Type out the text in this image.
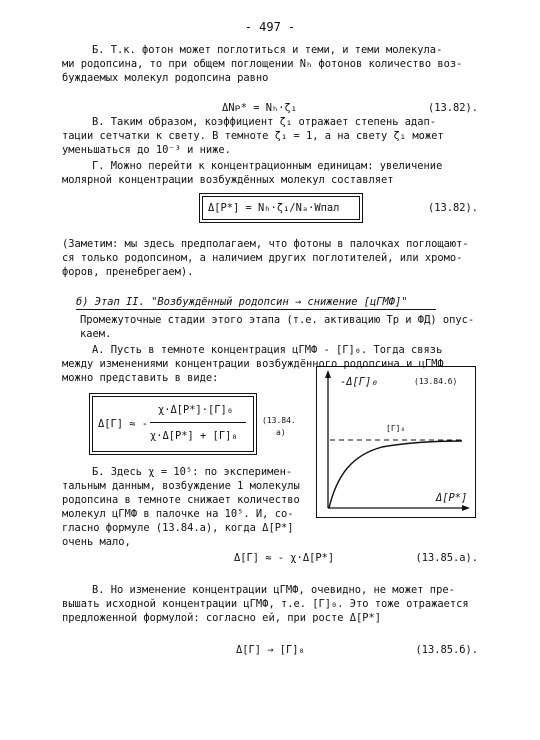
- 497 -
Б. Т.к. фотон может поглотиться и теми, и теми молекула-
ми родопсина, то при общем поглощении Nₕ фотонов количество воз-
буждаемых молекул родопсина равно
ΔNᴘ* = Nₕ·ζ₁	(13.82).
В. Таким образом, коэффициент ζ₁ отражает степень адап-
тации сетчатки к свету. В темноте ζ₁ = 1, а на свету ζ₁ может
уменьшаться до 10⁻³ и ниже.
Г. Можно перейти к концентрационным единицам: увеличение
молярной концентрации возбуждённых молекул составляет
Δ[P*] = Nₕ·ζ₁/Nₐ·Wпал	(13.82).
(Заметим: мы здесь предполагаем, что фотоны в палочках поглощают-
ся только родопсином, а наличием других поглотителей, или хромо-
форов, пренебрегаем).
б) Этап II. "Возбуждённый родопсин → снижение [цГМФ]"
Промежуточные стадии этого этапа (т.е. активацию Тр и ФД) опус-
каем.
А. Пусть в темноте концентрация цГМФ - [Г]₀. Тогда связь
между изменениями концентрации возбуждённого родопсина и цГМФ
можно представить в виде:
Δ[Г] ≈ -
χ·Δ[P*]·[Г]₀
χ·Δ[P*] + [Г]₀
(13.84.
а)
-Δ[Г]₀	(13.84.б)
[Г]₀
Δ[P*]
Б. Здесь χ = 10⁵: по эксперимен-
тальным данным, возбуждение 1 молекулы
родопсина в темноте снижает количество
молекул цГМФ в палочке на 10⁵. И, со-
гласно формуле (13.84.а), когда Δ[P*]
очень мало,
Δ[Г] ≈ - χ·Δ[P*]	(13.85.а).
В. Но изменение концентрации цГМФ, очевидно, не может пре-
вышать исходной концентрации цГМФ, т.е. [Г]₀. Это тоже отражается
предложенной формулой: согласно ей, при росте Δ[P*]
Δ[Г] → [Г]₀	(13.85.б).
